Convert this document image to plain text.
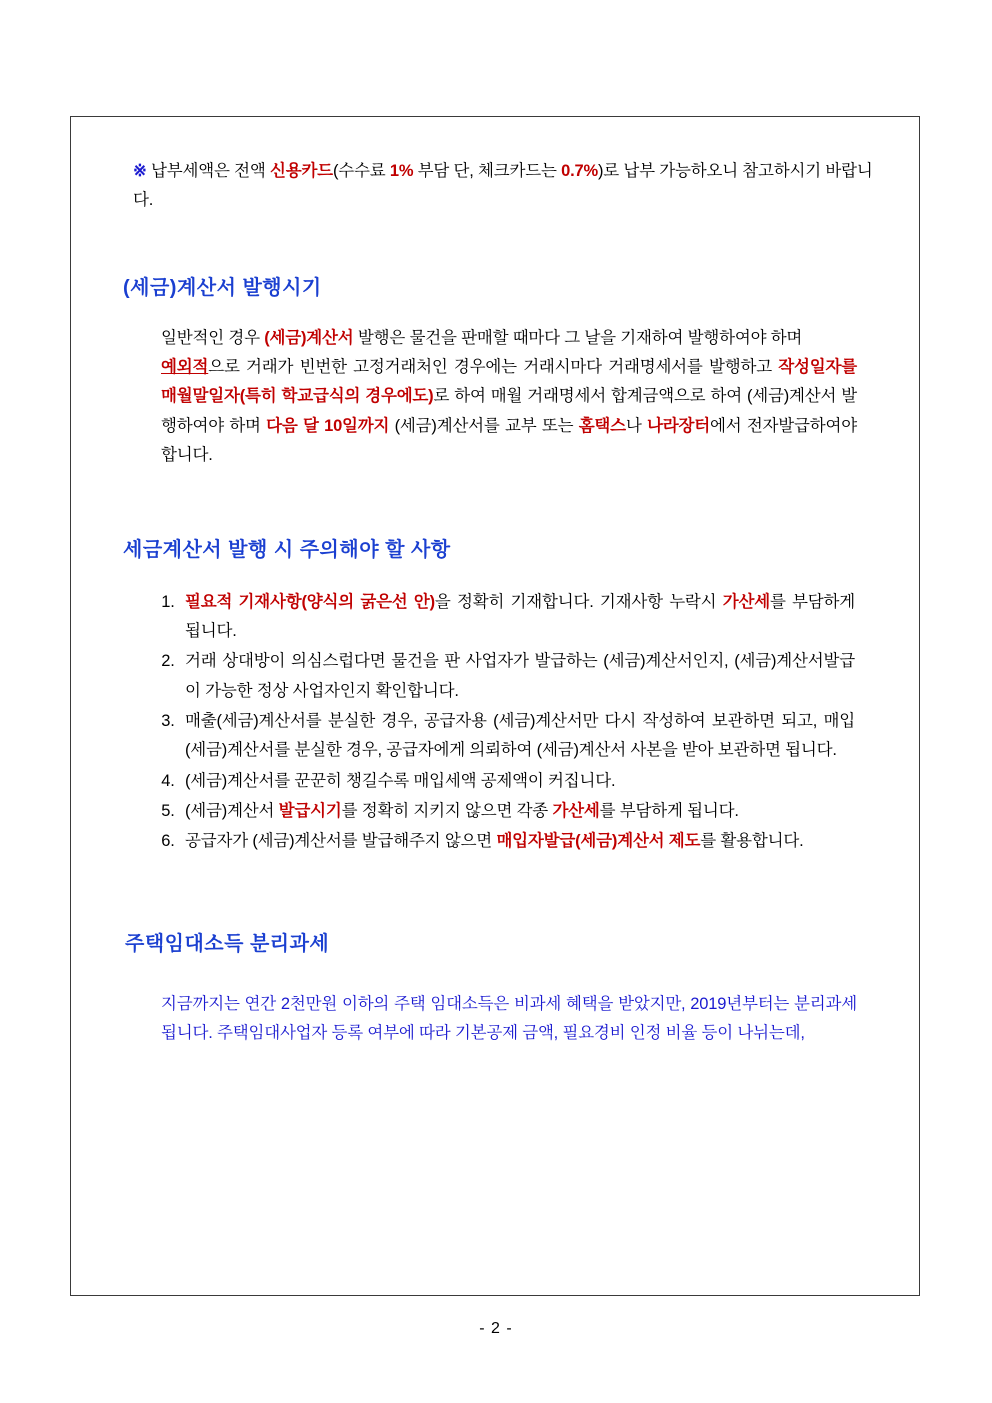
※ 납부세액은 전액 신용카드(수수료 1% 부담 단, 체크카드는 0.7%)로 납부 가능하오니 참고하시기 바랍니다.

(세금)계산서 발행시기

일반적인 경우 (세금)계산서 발행은 물건을 판매할 때마다 그 날을 기재하여 발행하여야 하며

예외적으로 거래가 빈번한 고정거래처인 경우에는 거래시마다 거래명세서를 발행하고 작성일자를 매월말일자(특히 학교급식의 경우에도)로 하여 매월 거래명세서 합계금액으로 하여 (세금)계산서 발행하여야 하며 다음 달 10일까지 (세금)계산서를 교부 또는 홈택스나 나라장터에서 전자발급하여야 합니다.

세금계산서 발행 시 주의해야 할 사항
1. 필요적 기재사항(양식의 굵은선 안)을 정확히 기재합니다. 기재사항 누락시 가산세를 부담하게 됩니다.
2. 거래 상대방이 의심스럽다면 물건을 판 사업자가 발급하는 (세금)계산서인지, (세금)계산서발급이 가능한 정상 사업자인지 확인합니다.
3. 매출(세금)계산서를 분실한 경우, 공급자용 (세금)계산서만 다시 작성하여 보관하면 되고, 매입(세금)계산서를 분실한 경우, 공급자에게 의뢰하여 (세금)계산서 사본을 받아 보관하면 됩니다.
4. (세금)계산서를 꾼꾼히 챙길수록 매입세액 공제액이 커집니다.
5. (세금)계산서 발급시기를 정확히 지키지 않으면 각종 가산세를 부담하게 됩니다.
6. 공급자가 (세금)계산서를 발급해주지 않으면 매입자발급(세금)계산서 제도를 활용합니다.
주택임대소득 분리과세

지금까지는 연간 2천만원 이하의 주택 임대소득은 비과세 혜택을 받았지만, 2019년부터는 분리과세됩니다. 주택임대사업자 등록 여부에 따라 기본공제 금액, 필요경비 인정 비율 등이 나뉘는데,

- 2 -
